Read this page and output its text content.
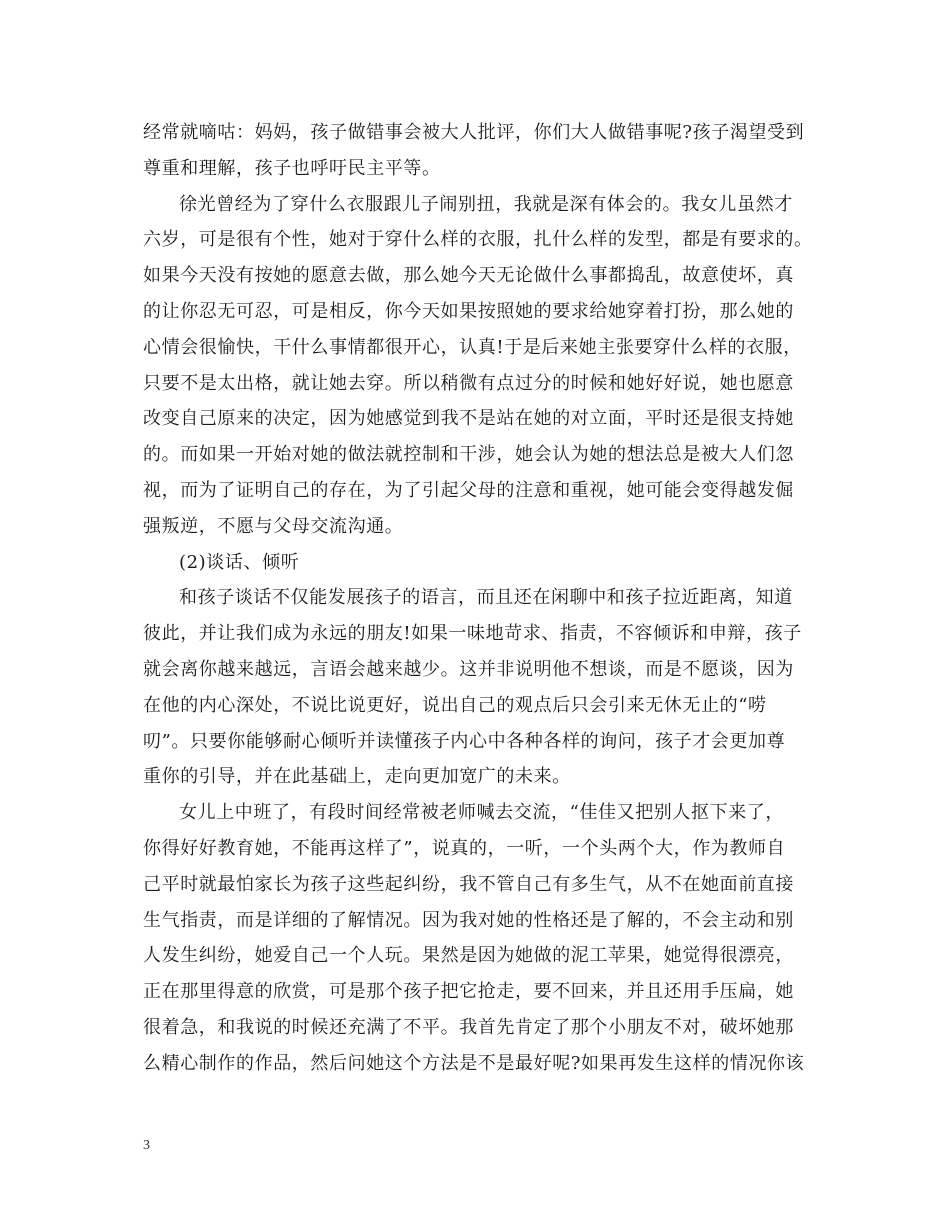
经常就嘀咕：妈妈，孩子做错事会被大人批评，你们大人做错事呢?孩子渴望受到
尊重和理解，孩子也呼吁民主平等。
徐光曾经为了穿什么衣服跟儿子闹别扭，我就是深有体会的。我女儿虽然才
六岁，可是很有个性，她对于穿什么样的衣服，扎什么样的发型，都是有要求的。
如果今天没有按她的愿意去做，那么她今天无论做什么事都捣乱，故意使坏，真
的让你忍无可忍，可是相反，你今天如果按照她的要求给她穿着打扮，那么她的
心情会很愉快，干什么事情都很开心，认真!于是后来她主张要穿什么样的衣服，
只要不是太出格，就让她去穿。所以稍微有点过分的时候和她好好说，她也愿意
改变自己原来的决定，因为她感觉到我不是站在她的对立面，平时还是很支持她
的。而如果一开始对她的做法就控制和干涉，她会认为她的想法总是被大人们忽
视，而为了证明自己的存在，为了引起父母的注意和重视，她可能会变得越发倔
强叛逆，不愿与父母交流沟通。
(2)谈话、倾听
和孩子谈话不仅能发展孩子的语言，而且还在闲聊中和孩子拉近距离，知道
彼此，并让我们成为永远的朋友!如果一味地苛求、指责，不容倾诉和申辩，孩子
就会离你越来越远，言语会越来越少。这并非说明他不想谈，而是不愿谈，因为
在他的内心深处，不说比说更好，说出自己的观点后只会引来无休无止的“唠
叨”。只要你能够耐心倾听并读懂孩子内心中各种各样的询问，孩子才会更加尊
重你的引导，并在此基础上，走向更加宽广的未来。
女儿上中班了，有段时间经常被老师喊去交流，“佳佳又把别人抠下来了，
你得好好教育她，不能再这样了”，说真的，一听，一个头两个大，作为教师自
己平时就最怕家长为孩子这些起纠纷，我不管自己有多生气，从不在她面前直接
生气指责，而是详细的了解情况。因为我对她的性格还是了解的，不会主动和别
人发生纠纷，她爱自己一个人玩。果然是因为她做的泥工苹果，她觉得很漂亮，
正在那里得意的欣赏，可是那个孩子把它抢走，要不回来，并且还用手压扁，她
很着急，和我说的时候还充满了不平。我首先肯定了那个小朋友不对，破坏她那
么精心制作的作品，然后问她这个方法是不是最好呢?如果再发生这样的情况你该
3
